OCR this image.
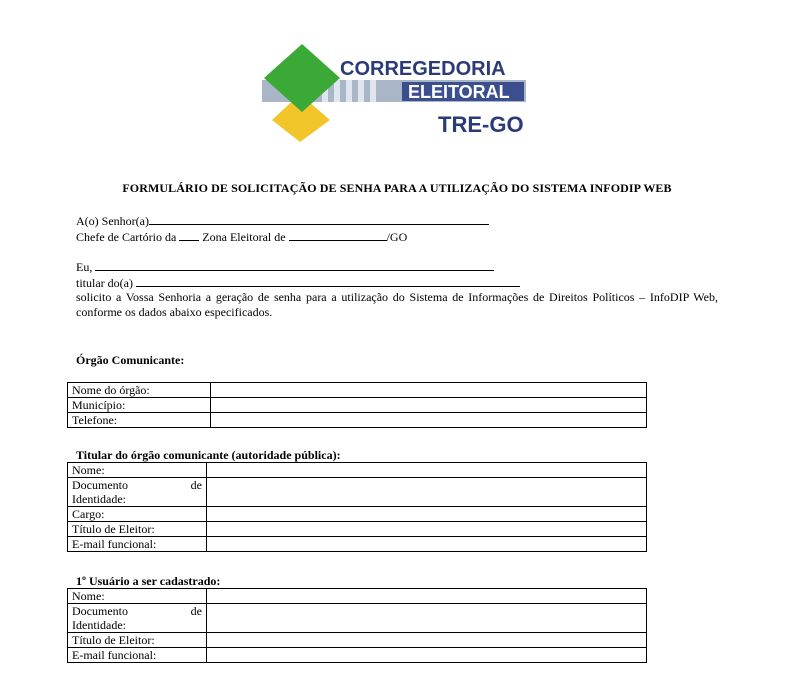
CORREGEDORIA
ELEITORAL
TRE-GO
FORMULÁRIO DE SOLICITAÇÃO DE SENHA PARA A UTILIZAÇÃO DO SISTEMA INFODIP WEB
A(o) Senhor(a)
Chefe de Cartório da Zona Eleitoral de	/GO
Eu,
titular do(a)
solicito a Vossa Senhoria a geração de senha para a utilização do Sistema de Informações de Direitos Políticos – InfoDIP Web, conforme os dados abaixo especificados.
Órgão Comunicante:
Nome do órgão:	
Município:	
Telefone:	
Titular do órgão comunicante (autoridade pública):
Nome:	

Documento de
Identidade:	

Cargo:	
Título de Eleitor:	
E-mail funcional:	
1º Usuário a ser cadastrado:
Nome:	

Documento de
Identidade:	

Título de Eleitor:	
E-mail funcional:	
